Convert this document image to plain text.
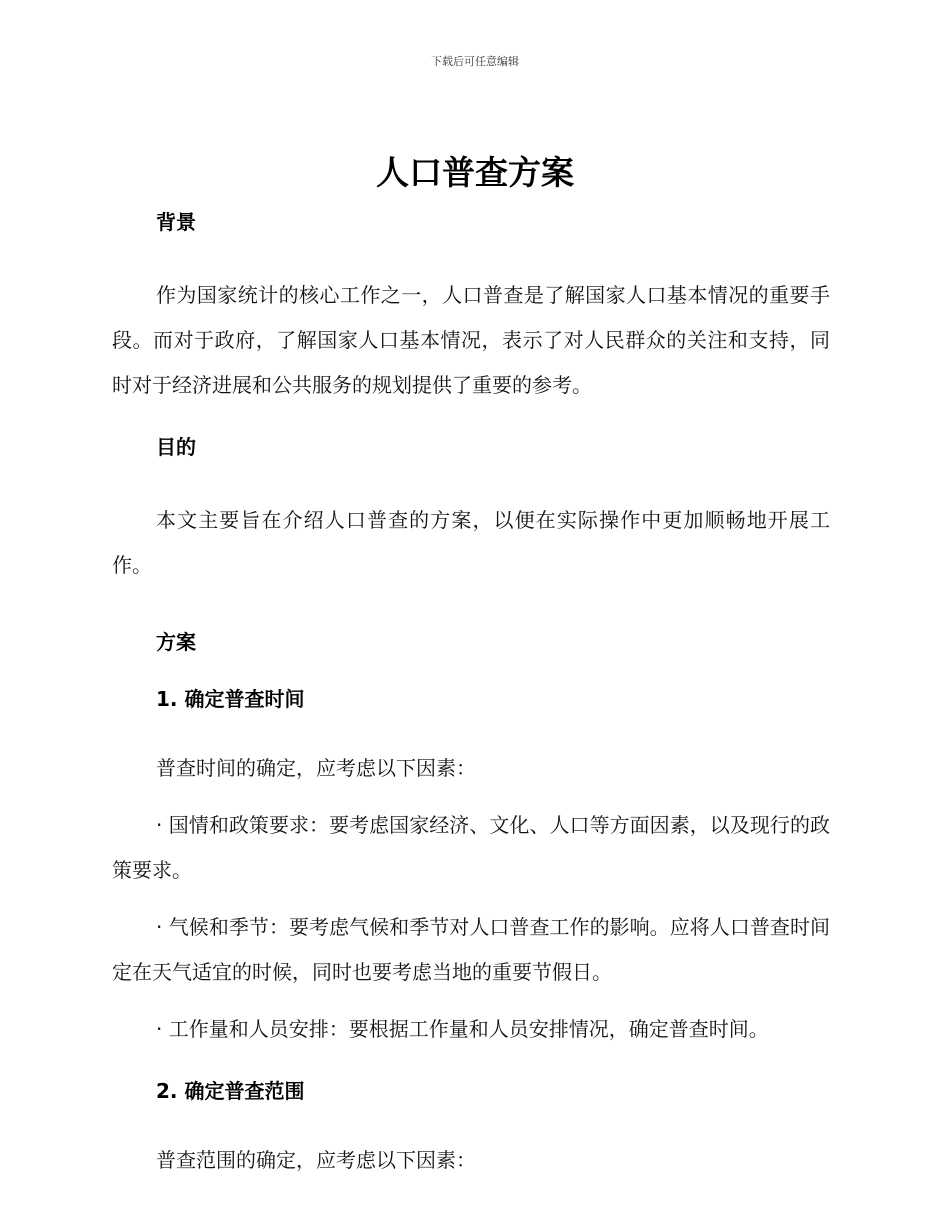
下载后可任意编辑
人口普查方案
背景

作为国家统计的核心工作之一，人口普查是了解国家人口基本情况的重要手段。而对于政府，了解国家人口基本情况，表示了对人民群众的关注和支持，同时对于经济进展和公共服务的规划提供了重要的参考。

目的

本文主要旨在介绍人口普查的方案，以便在实际操作中更加顺畅地开展工作。

方案
1. 确定普查时间

普查时间的确定，应考虑以下因素：

· 国情和政策要求：要考虑国家经济、文化、人口等方面因素，以及现行的政策要求。

· 气候和季节：要考虑气候和季节对人口普查工作的影响。应将人口普查时间定在天气适宜的时候，同时也要考虑当地的重要节假日。

· 工作量和人员安排：要根据工作量和人员安排情况，确定普查时间。

2. 确定普查范围

普查范围的确定，应考虑以下因素：
